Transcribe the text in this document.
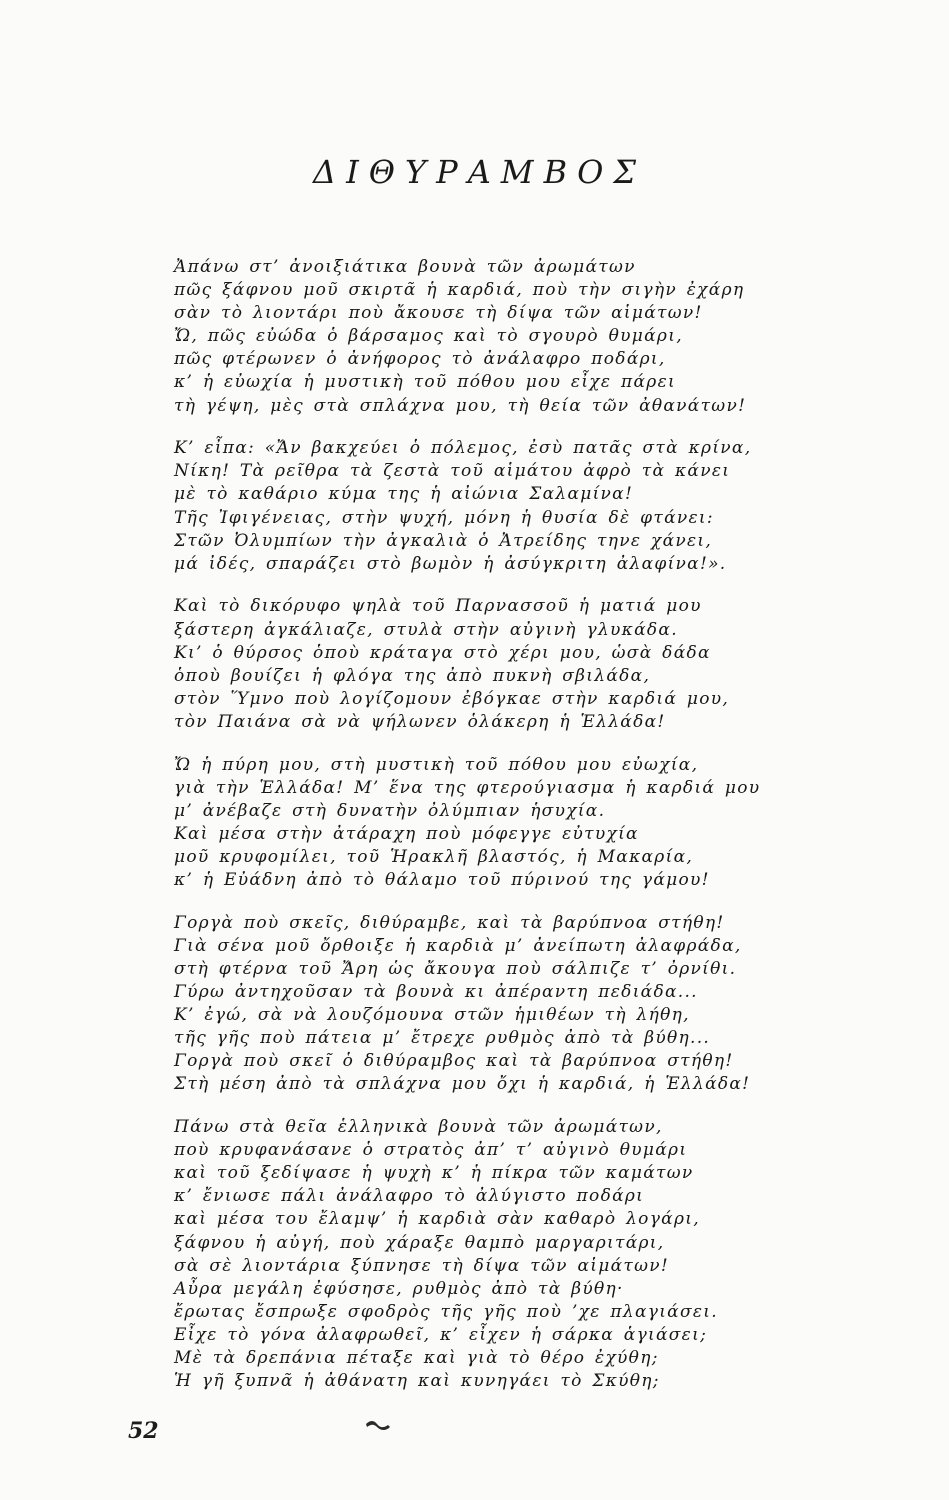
ΔΙΘΥΡΑΜΒΟΣ
Ἀπάνω στ’ ἀνοιξιάτικα βουνὰ τῶν ἀρωμάτων
πῶς ξάφνου μοῦ σκιρτᾶ ἡ καρδιά, ποὺ τὴν σιγὴν ἐχάρη
σὰν τὸ λιοντάρι ποὺ ἄκουσε τὴ δίψα τῶν αἱμάτων!
Ὤ, πῶς εὐώδα ὁ βάρσαμος καὶ τὸ σγουρὸ θυμάρι,
πῶς φτέρωνεν ὁ ἀνήφορος τὸ ἀνάλαφρο ποδάρι,
κ’ ἡ εὐωχία ἡ μυστικὴ τοῦ πόθου μου εἶχε πάρει
τὴ γέψη, μὲς στὰ σπλάχνα μου, τὴ θεία τῶν ἀθανάτων!
Κ’ εἶπα: «Ἄν βακχεύει ὁ πόλεμος, ἐσὺ πατᾶς στὰ κρίνα,
Νίκη! Τὰ ρεῖθρα τὰ ζεστὰ τοῦ αἱμάτου ἀφρὸ τὰ κάνει
μὲ τὸ καθάριο κύμα της ἡ αἰώνια Σαλαμίνα!
Τῆς Ἰφιγένειας, στὴν ψυχή, μόνη ἡ θυσία δὲ φτάνει:
Στῶν Ὀλυμπίων τὴν ἀγκαλιὰ ὁ Ἀτρείδης τηνε χάνει,
μά ἰδές, σπαράζει στὸ βωμὸν ἡ ἀσύγκριτη ἀλαφίνα!».
Καὶ τὸ δικόρυφο ψηλὰ τοῦ Παρνασσοῦ ἡ ματιά μου
ξάστερη ἀγκάλιαζε, στυλὰ στὴν αὐγινὴ γλυκάδα.
Κι’ ὁ θύρσος ὁποὺ κράταγα στὸ χέρι μου, ὡσὰ δάδα
ὁποὺ βουίζει ἡ φλόγα της ἀπὸ πυκνὴ σβιλάδα,
στὸν Ὕμνο ποὺ λογίζομουν ἐβόγκαε στὴν καρδιά μου,
τὸν Παιάνα σὰ νὰ ψήλωνεν ὁλάκερη ἡ Ἑλλάδα!
Ὤ ἡ πύρη μου, στὴ μυστικὴ τοῦ πόθου μου εὐωχία,
γιὰ τὴν Ἑλλάδα! Μ’ ἕνα της φτερούγιασμα ἡ καρδιά μου
μ’ ἀνέβαζε στὴ δυνατὴν ὀλύμπιαν ἡσυχία.
Καὶ μέσα στὴν ἀτάραχη ποὺ μόφεγγε εὐτυχία
μοῦ κρυφομίλει, τοῦ Ἡρακλῆ βλαστός, ἡ Μακαρία,
κ’ ἡ Εὐάδνη ἀπὸ τὸ θάλαμο τοῦ πύρινού της γάμου!
Γοργὰ ποὺ σκεῖς, διθύραμβε, καὶ τὰ βαρύπνοα στήθη!
Γιὰ σένα μοῦ ὄρθοιξε ἡ καρδιὰ μ’ ἀνείπωτη ἀλαφράδα,
στὴ φτέρνα τοῦ Ἄρη ὡς ἄκουγα ποὺ σάλπιζε τ’ ὀρνίθι.
Γύρω ἀντηχοῦσαν τὰ βουνὰ κι ἀπέραντη πεδιάδα...
Κ’ ἐγώ, σὰ νὰ λουζόμουνα στῶν ἡμιθέων τὴ λήθη,
τῆς γῆς ποὺ πάτεια μ’ ἔτρεχε ρυθμὸς ἀπὸ τὰ βύθη...
Γοργὰ ποὺ σκεῖ ὁ διθύραμβος καὶ τὰ βαρύπνοα στήθη!
Στὴ μέση ἀπὸ τὰ σπλάχνα μου ὄχι ἡ καρδιά, ἡ Ἑλλάδα!
Πάνω στὰ θεῖα ἑλληνικὰ βουνὰ τῶν ἀρωμάτων,
ποὺ κρυφανάσανε ὁ στρατὸς ἀπ’ τ’ αὐγινὸ θυμάρι
καὶ τοῦ ξεδίψασε ἡ ψυχὴ κ’ ἡ πίκρα τῶν καμάτων
κ’ ἔνιωσε πάλι ἀνάλαφρο τὸ ἀλύγιστο ποδάρι
καὶ μέσα του ἔλαμψ’ ἡ καρδιὰ σὰν καθαρὸ λογάρι,
ξάφνου ἡ αὐγή, ποὺ χάραξε θαμπὸ μαργαριτάρι,
σὰ σὲ λιοντάρια ξύπνησε τὴ δίψα τῶν αἱμάτων!
Αὖρα μεγάλη ἐφύσησε, ρυθμὸς ἀπὸ τὰ βύθη·
ἔρωτας ἔσπρωξε σφοδρὸς τῆς γῆς ποὺ ’χε πλαγιάσει.
Εἶχε τὸ γόνα ἀλαφρωθεῖ, κ’ εἶχεν ἡ σάρκα ἁγιάσει;
Μὲ τὰ δρεπάνια πέταξε καὶ γιὰ τὸ θέρο ἐχύθη;
Ἡ γῆ ξυπνᾶ ἡ ἀθάνατη καὶ κυνηγάει τὸ Σκύθη;
52
